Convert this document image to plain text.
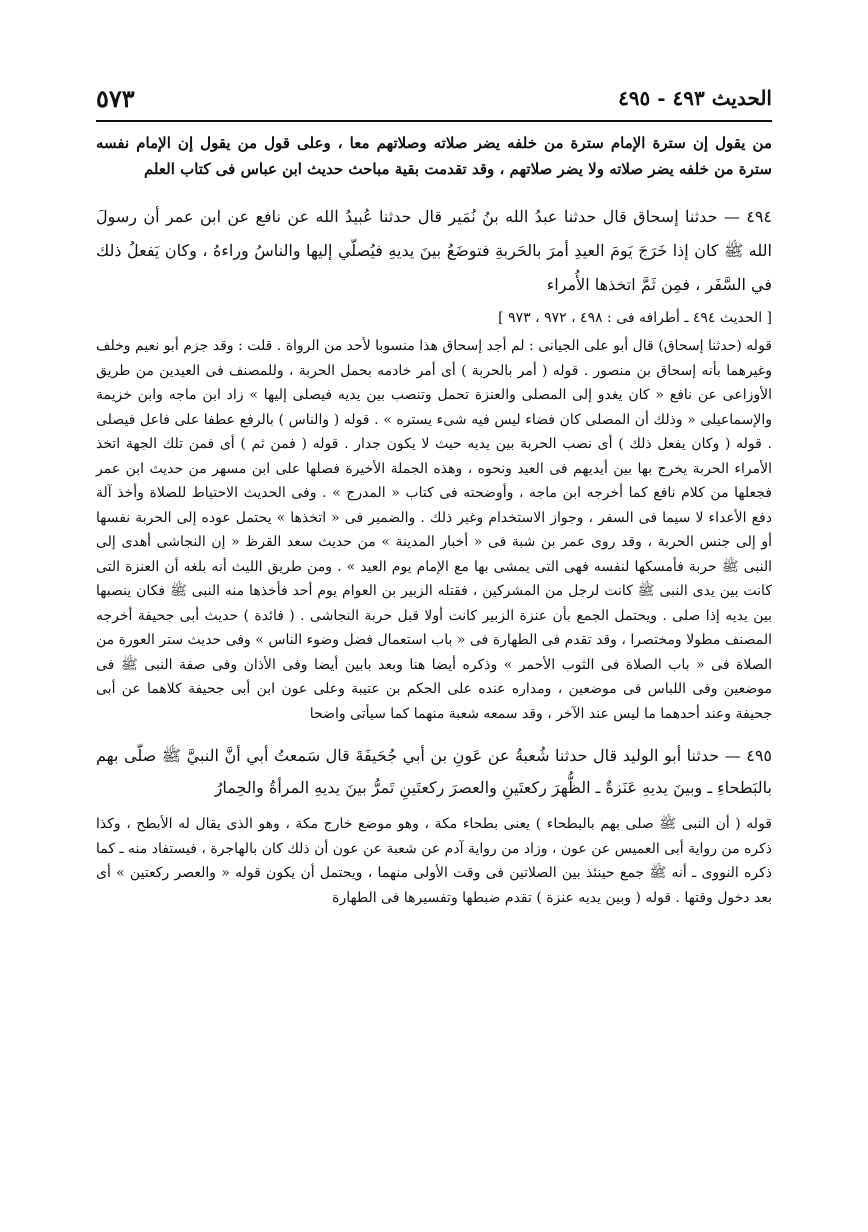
٥٧٣	الحديث ٤٩٣ - ٤٩٥

من يقول إن سترة الإمام سترة من خلفه يضر صلاته وصلاتهم معا ، وعلى قول من يقول إن الإمام نفسه سترة من خلفه يضر صلاته ولا يضر صلاتهم ، وقد تقدمت بقية مباحث حديث ابن عباس فى كتاب العلم

٤٩٤ — حدثنا إسحاق قال حدثنا عبدُ الله بنُ نُمَير قال حدثنا عُبيدُ الله عن نافع عن ابن عمر أن رسولَ الله ﷺ كان إذا خَرَجَ يَومَ العيدِ أمرَ بالحَربةِ فتوضَعُ بينَ يديهِ فيُصلّي إليها والناسُ وراءهُ ، وكان يَفعلُ ذلك في السَّفَر ، فمِن ثَمَّ اتخذها الأُمراء

[ الحديث ٤٩٤ ـ أطرافه فى : ٤٩٨ ، ٩٧٢ ، ٩٧٣ ]

قوله (حدثنا إسحاق) قال أبو على الجيانى : لم أجد إسحاق هذا منسوبا لأحد من الرواة . قلت : وقد جزم أبو نعيم وخلف وغيرهما بأنه إسحاق بن منصور . قوله ( أمر بالحربة ) أى أمر خادمه بحمل الحربة ، وللمصنف فى العيدين من طريق الأوزاعى عن نافع « كان يغدو إلى المصلى والعنزة تحمل وتنصب بين يديه فيصلى إليها » زاد ابن ماجه وابن خزيمة والإسماعيلى « وذلك أن المصلى كان فضاء ليس فيه شىء يستره » . قوله ( والناس ) بالرفع عطفا على فاعل فيصلى . قوله ( وكان يفعل ذلك ) أى نصب الحربة بين يديه حيث لا يكون جدار . قوله ( فمن ثم ) أى فمن تلك الجهة اتخذ الأمراء الحربة يخرج بها بين أيديهم فى العيد ونحوه ، وهذه الجملة الأخيرة فصلها على ابن مسهر من حديث ابن عمر فجعلها من كلام نافع كما أخرجه ابن ماجه ، وأوضحته فى كتاب « المدرج » . وفى الحديث الاحتياط للصلاة وأخذ آلة دفع الأعداء لا سيما فى السفر ، وجواز الاستخدام وغير ذلك . والضمير فى « اتخذها » يحتمل عوده إلى الحربة نفسها أو إلى جنس الحربة ، وقد روى عمر بن شبة فى « أخبار المدينة » من حديث سعد القرظ « إن النجاشى أهدى إلى النبى ﷺ حربة فأمسكها لنفسه فهى التى يمشى بها مع الإمام يوم العيد » . ومن طريق الليث أنه بلغه أن العنزة التى كانت بين يدى النبى ﷺ كانت لرجل من المشركين ، فقتله الزبير بن العوام يوم أحد فأخذها منه النبى ﷺ فكان ينصبها بين يديه إذا صلى . ويحتمل الجمع بأن عنزة الزبير كانت أولا قبل حربة النجاشى . ( فائدة ) حديث أبى جحيفة أخرجه المصنف مطولا ومختصرا ، وقد تقدم فى الطهارة فى « باب استعمال فضل وضوء الناس » وفى حديث ستر العورة من الصلاة فى « باب الصلاة فى الثوب الأحمر » وذكره أيضا هنا وبعد بابين أيضا وفى الأذان وفى صفة النبى ﷺ فى موضعين وفى اللباس فى موضعين ، ومداره عنده على الحكم بن عتيبة وعلى عون ابن أبى جحيفة كلاهما عن أبى جحيفة وعند أحدهما ما ليس عند الآخر ، وقد سمعه شعبة منهما كما سيأتى واضحا

٤٩٥ — حدثنا أبو الوليد قال حدثنا شُعبةُ عن عَونِ بن أبي جُحَيفَةَ قال سَمعتُ أبي أنَّ النبيَّ ﷺ صلّى بهم بالبَطحاءِ ـ وبينَ يديهِ عَنَزةٌ ـ الظُّهرَ ركعتَينِ والعصرَ ركعتَينِ تَمرُّ بينَ يديهِ المرأةُ والحِمارُ

قوله ( أن النبى ﷺ صلى بهم بالبطحاء ) يعنى بطحاء مكة ، وهو موضع خارج مكة ، وهو الذى يقال له الأبطح ، وكذا ذكره من رواية أبى العميس عن عون ، وزاد من رواية آدم عن شعبة عن عون أن ذلك كان بالهاجرة ، فيستفاد منه ـ كما ذكره النووى ـ أنه ﷺ جمع حينئذ بين الصلاتين فى وقت الأولى منهما ، ويحتمل أن يكون قوله « والعصر ركعتين » أى بعد دخول وقتها . قوله ( وبين يديه عنزة ) تقدم ضبطها وتفسيرها فى الطهارة
